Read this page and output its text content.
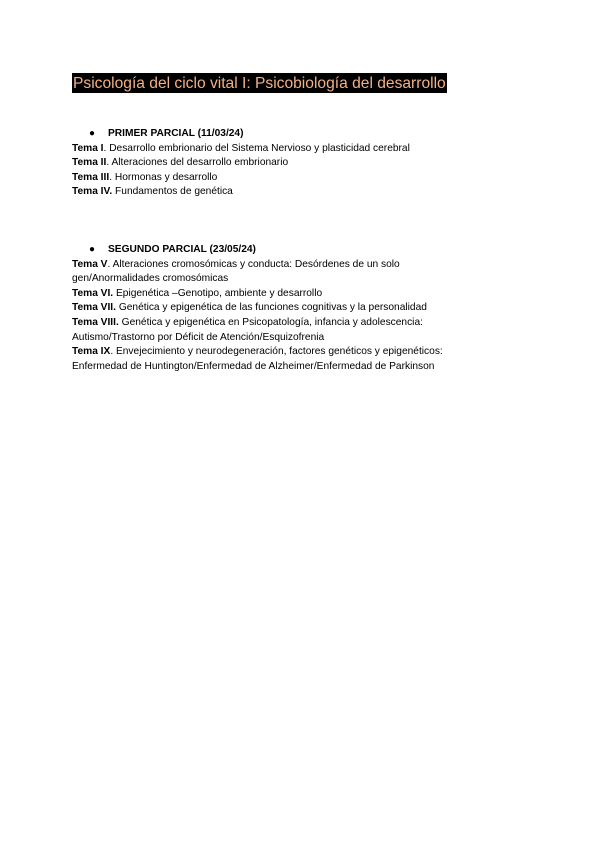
Psicología del ciclo vital I: Psicobiología del desarrollo
● PRIMER PARCIAL (11/03/24)
Tema I. Desarrollo embrionario del Sistema Nervioso y plasticidad cerebral
Tema II. Alteraciones del desarrollo embrionario
Tema III. Hormonas y desarrollo
Tema IV. Fundamentos de genética
● SEGUNDO PARCIAL (23/05/24)
Tema V. Alteraciones cromosómicas y conducta: Desórdenes de un solo gen/Anormalidades cromosómicas
Tema VI. Epigenética –Genotipo, ambiente y desarrollo
Tema VII. Genética y epigenética de las funciones cognitivas y la personalidad
Tema VIII. Genética y epigenética en Psicopatología, infancia y adolescencia: Autismo/Trastorno por Déficit de Atención/Esquizofrenia
Tema IX. Envejecimiento y neurodegeneración, factores genéticos y epigenéticos: Enfermedad de Huntington/Enfermedad de Alzheimer/Enfermedad de Parkinson
